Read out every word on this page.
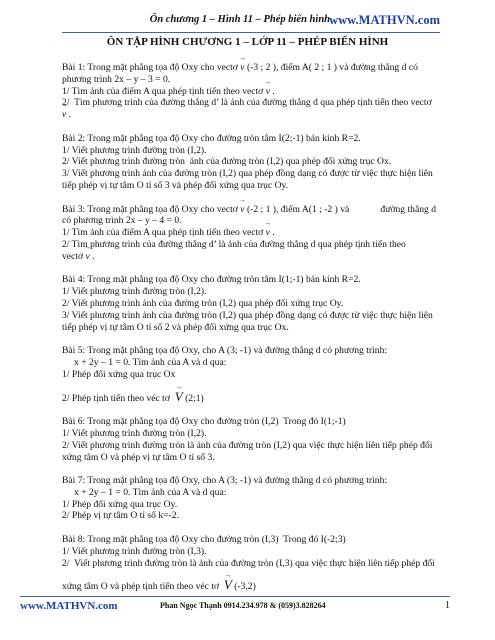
Ôn chương 1 – Hình 11 – Phép biến hình www.MATHVN.com
ÔN TẬP HÌNH CHƯƠNG 1 – LỚP 11 – PHÉP BIẾN HÌNH
Bài 1: Trong mặt phẳng tọa độ Oxy cho vectơ → v (-3 ; 2 ), điểm A( 2 ; 1 ) và đường thẳng d có
phương trình 2x – y – 3 = 0.
1/ Tìm ảnh của điểm A qua phép tịnh tiến theo vectơ → v .
2/  Tìm phương trình của đường thẳng d’ là ảnh của đường thẳng d qua phép tịnh tiến theo vectơ
→ v .
Bài 2: Trong mặt phẳng tọa độ Oxy cho đường tròn tâm I(2;-1) bán kính R=2.
1/ Viết phương trình đường tròn (I,2).
2/ Viết phương trình đường tròn  ảnh của đường tròn (I,2) qua phép đối xứng trục Ox.
3/ Viết phương trình ảnh của đường tròn (I,2) qua phép đồng dạng có được từ việc thực hiện liên
tiếp phép vị tự tâm O tỉ số 3 và phép đối xứng qua trục Oy.
Bài 3: Trong mặt phẳng tọa độ Oxy cho vectơ → v (-2 ; 1 ), điểm A(1 ; -2 ) và             đường thẳng d
có phương trình 2x – y – 4 = 0.
1/ Tìm ảnh của điểm A qua phép tịnh tiến theo vectơ → v .
2/ Tìm phương trình của đường thẳng d’ là ảnh của đường thẳng d qua phép tịnh tiến theo
vectơ → v .
Bài 4: Trong mặt phẳng tọa độ Oxy cho đường tròn tâm I(1;-1) bán kính R=2.
1/ Viết phương trình đường tròn (I,2).
2/ Viết phương trình ảnh của đường tròn (I,2) qua phép đối xứng trục Oy.
3/ Viết phương trình ảnh của đường tròn (I,2) qua phép đồng dạng có được từ việc thực hiện liên
tiếp phép vị tự tâm O tỉ số 2 và phép đối xứng qua trục Ox.
Bài 5: Trong mặt phẳng tọa độ Oxy, cho A (3; -1) và đường thẳng d có phương trình:
x + 2y – 1 = 0. Tìm ảnh của A và d qua:
1/ Phép đối xứng qua trục Ox
2/ Phép tịnh tiến theo véc tơ  → V (2;1)
Bài 6: Trong mặt phẳng tọa độ Oxy cho đường tròn (I,2)  Trong đó I(1;-1)
1/ Viết phương trình đường tròn (I,2).
2/ Viết phương trình đường tròn là ảnh của đường tròn (I,2) qua việc thực hiện liên tiếp phép đối
xứng tâm O và phép vị tự tâm O tỉ số 3.
Bài 7: Trong mặt phẳng tọa độ Oxy, cho A (3; -1) và đường thẳng d có phương trình:
x + 2y – 1 = 0. Tìm ảnh của A và d qua:
1/ Phép đối xứng qua trục Oy.
2/ Phép vị tự tâm O tỉ số k=-2.
Bài 8: Trong mặt phẳng tọa độ Oxy cho đường tròn (I,3)  Trong đó I(-2;3)
1/ Viết phương trình đường tròn (I,3).
2/  Viết phương trình đường tròn là ảnh của đường tròn (I,3) qua việc thực hiện liên tiếp phép đối
xứng tâm O và phép tịnh tiến theo véc tơ  → V (-3,2)
www.MATHVN.com	Phan Ngọc Thạnh 0914.234.978 & (059)3.828264	1
